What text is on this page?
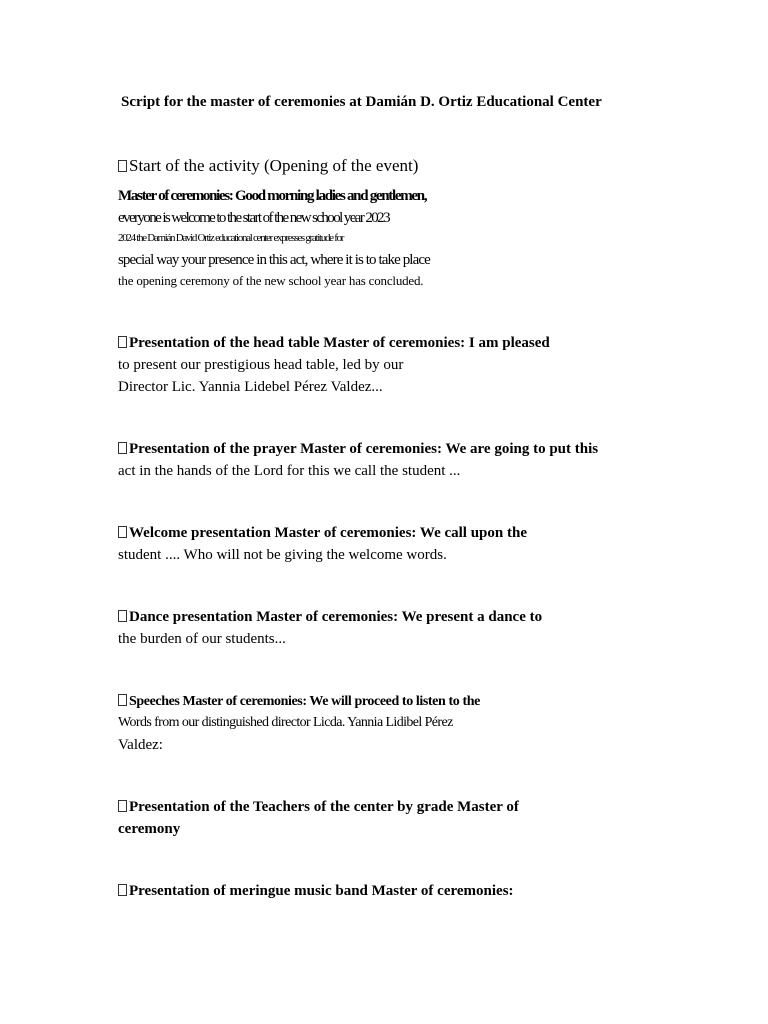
Script for the master of ceremonies at Damián D. Ortiz Educational Center
Start of the activity (Opening of the event)
Master of ceremonies: Good morning ladies and gentlemen,
everyone is welcome to the start of the new school year 2023
2024 the Damián David Ortiz educational center expresses gratitude for
special way your presence in this act, where it is to take place
the opening ceremony of the new school year has concluded.
Presentation of the head table Master of ceremonies: I am pleased
to present our prestigious head table, led by our
Director Lic. Yannia Lidebel Pérez Valdez...
Presentation of the prayer Master of ceremonies: We are going to put this
act in the hands of the Lord for this we call the student ...
Welcome presentation Master of ceremonies: We call upon the
student .... Who will not be giving the welcome words.
Dance presentation Master of ceremonies: We present a dance to
the burden of our students...
Speeches Master of ceremonies: We will proceed to listen to the
Words from our distinguished director Licda. Yannia Lidibel Pérez
Valdez:
Presentation of the Teachers of the center by grade Master of
ceremony
Presentation of meringue music band Master of ceremonies:
